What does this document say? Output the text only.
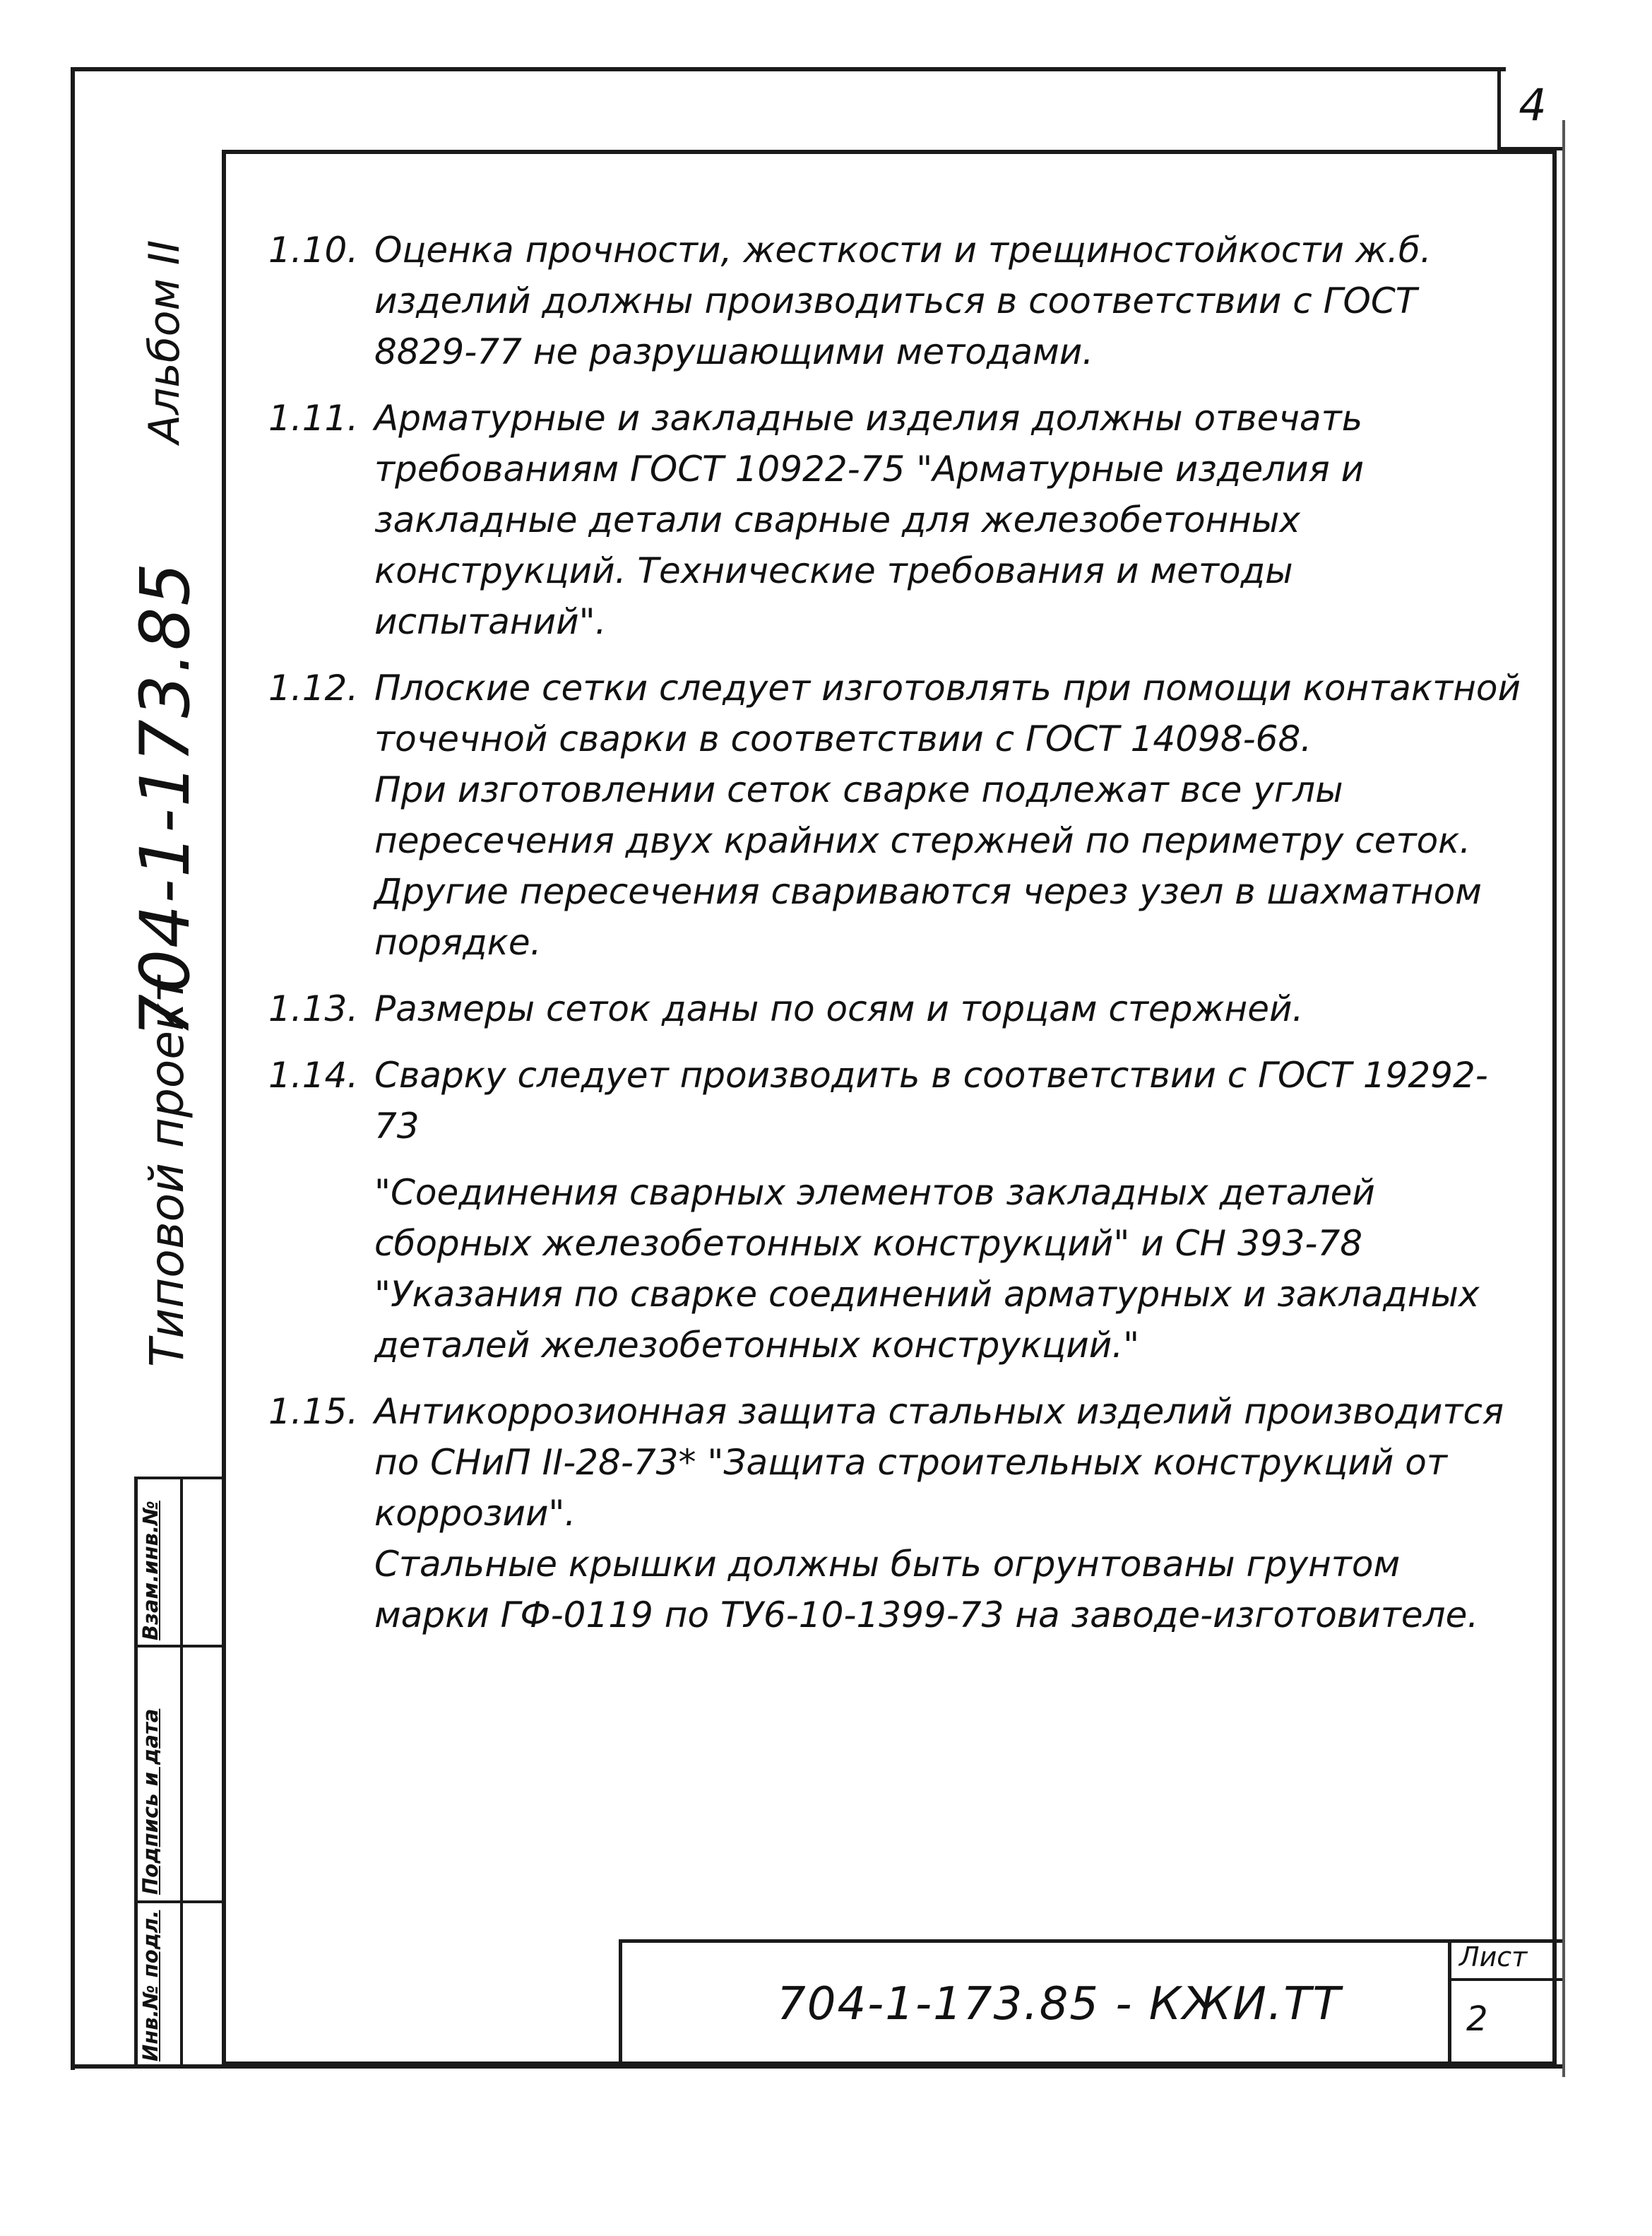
4
Альбом II
704-1-173.85
Типовой проект
Взам.инв.№
Подпись и дата
Инв.№ подл.
1.10. Оценка прочности, жесткости и трещиностойкости ж.б. изделий должны производиться в соответствии с ГОСТ 8829-77 не разрушающими методами.

1.11. Арматурные и закладные изделия должны отвечать требованиям ГОСТ 10922-75 "Арматурные изделия и закладные детали сварные для железобетонных конструкций. Технические требования и методы испытаний".

1.12. Плоские сетки следует изготовлять при помощи контактной точечной сварки в соответствии с ГОСТ 14098-68.

При изготовлении сеток сварке подлежат все углы пересечения двух крайних стержней по периметру сеток.

Другие пересечения свариваются через узел в шахматном порядке.

1.13. Размеры сеток даны по осям и торцам стержней.

1.14. Сварку следует производить в соответствии с ГОСТ 19292-73

"Соединения сварных элементов закладных деталей сборных железобетонных конструкций" и СН 393-78 "Указания по сварке соединений арматурных и закладных деталей железобетонных конструкций."

1.15. Антикоррозионная защита стальных изделий производится по СНиП II-28-73* "Защита строительных конструкций от коррозии".

Стальные крышки должны быть огрунтованы грунтом марки ГФ-0119 по ТУ6-10-1399-73 на заводе-изготовителе.

704-1-173.85 - КЖИ.ТТ
Лист
2
